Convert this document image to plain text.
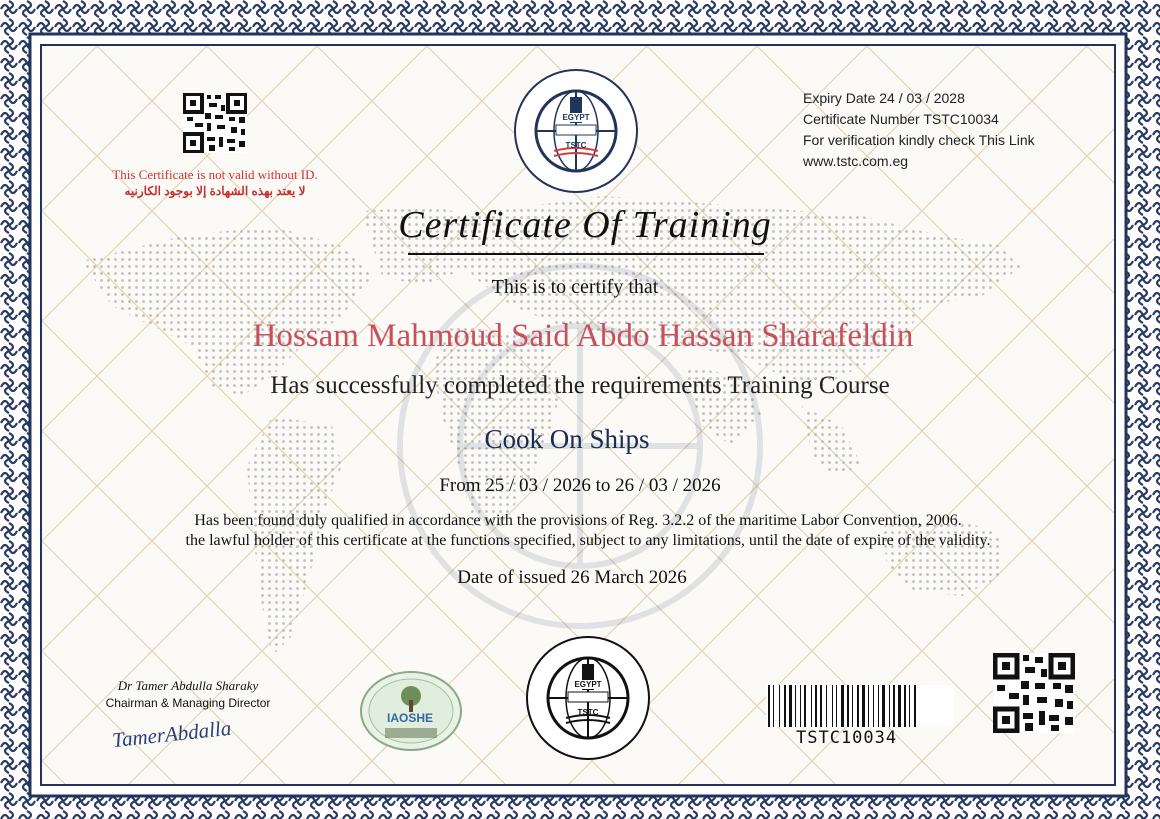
This Certificate is not valid without ID.
لا يعتد بهذه الشهادة إلا بوجود الكارنيه
EGYPT
TSTC
Expiry Date 24 / 03 / 2028
Certificate Number TSTC10034
For verification kindly check This Link
www.tstc.com.eg
Certificate Of Training
This is to certify that
Hossam Mahmoud Said Abdo Hassan Sharafeldin
Has successfully completed the requirements Training Course
Cook On Ships
From 25 / 03 / 2026 to 26 / 03 / 2026
Has been found duly qualified in accordance with the provisions of Reg. 3.2.2 of the maritime Labor Convention, 2006.
the lawful holder of this certificate at the functions specified, subject to any limitations, until the date of expire of the validity.
Date of issued 26 March 2026
Dr Tamer Abdulla Sharaky
Chairman & Managing Director
TamerAbdalla	IAOSHE
EGYPT
TSTC
TSTC10034
